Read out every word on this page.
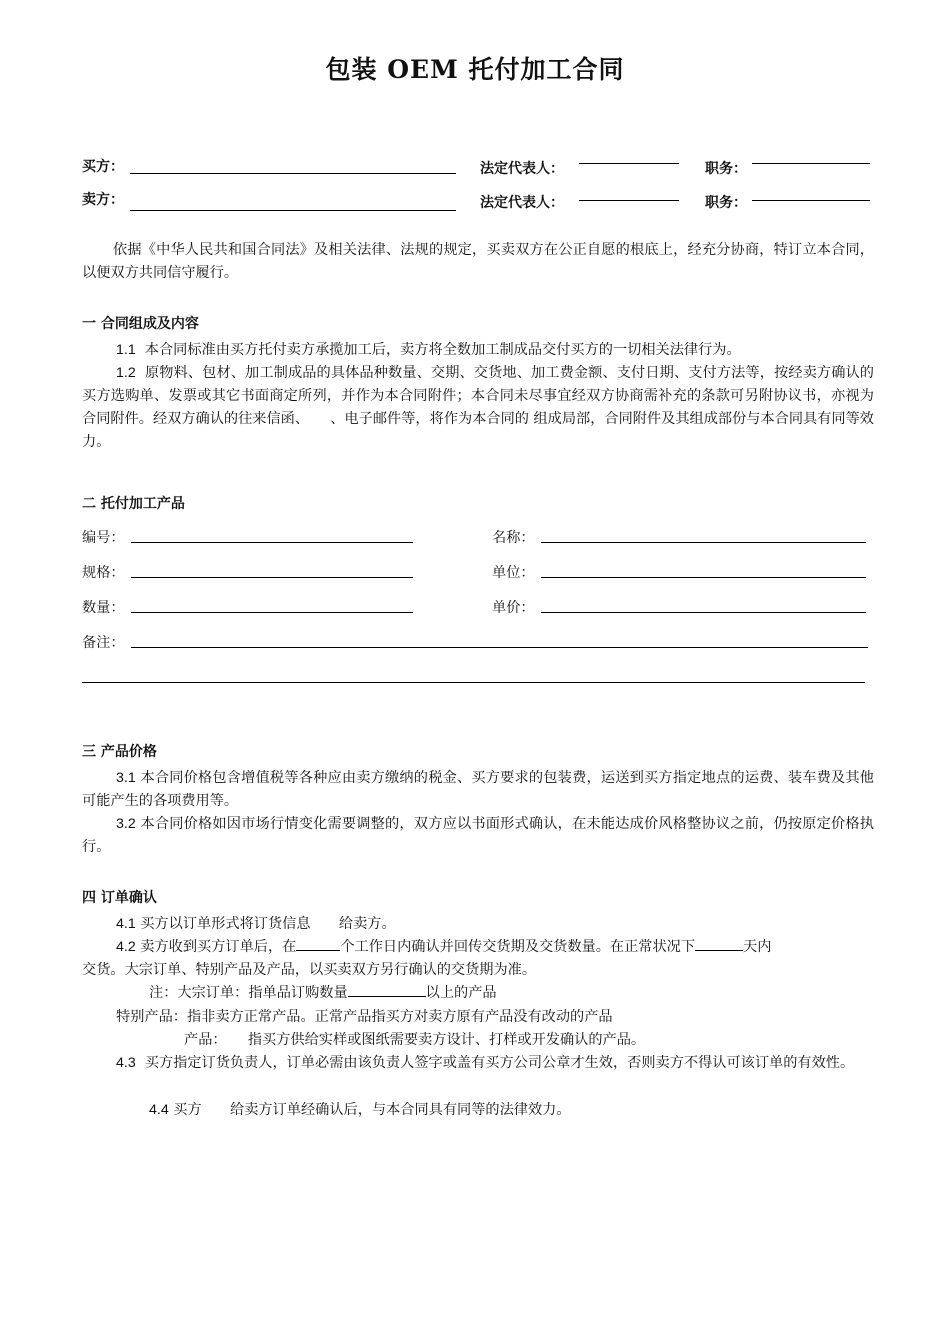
包装 OEM 托付加工合同
买方：	法定代表人：	职务：
卖方：	法定代表人：	职务：
依据《中华人民共和国合同法》及相关法律、法规的规定，买卖双方在公正自愿的根底上，经充分协商，特订立本合同，以便双方共同信守履行。
一 合同组成及内容
1.1 本合同标准由买方托付卖方承揽加工后，卖方将全数加工制成品交付买方的一切相关法律行为。
1.2 原物料、包材、加工制成品的具体品种数量、交期、交货地、加工费金额、支付日期、支付方法等，按经卖方确认的买方选购单、发票或其它书面商定所列，并作为本合同附件；本合同未尽事宜经双方协商需补充的条款可另附协议书，亦视为合同附件。经双方确认的往来信函、　　、电子邮件等，将作为本合同的 组成局部，合同附件及其组成部份与本合同具有同等效力。
二 托付加工产品
编号：	名称：
规格：	单位：
数量：	单价：
备注：
三 产品价格
3.1 本合同价格包含增值税等各种应由卖方缴纳的税金、买方要求的包装费，运送到买方指定地点的运费、装车费及其他可能产生的各项费用等。
3.2 本合同价格如因市场行情变化需要调整的，双方应以书面形式确认，在未能达成价风格整协议之前，仍按原定价格执行。
四 订单确认
4.1 买方以订单形式将订货信息　　给卖方。
4.2 卖方收到买方订单后，在	个工作日内确认并回传交货期及交货数量。在正常状况下	天内
交货。大宗订单、特别产品及产品，以买卖双方另行确认的交货期为准。
注：大宗订单：指单品订购数量	以上的产品
特别产品：指非卖方正常产品。正常产品指买方对卖方原有产品没有改动的产品
产品：　　指买方供给实样或图纸需要卖方设计、打样或开发确认的产品。
4.3 买方指定订货负责人，订单必需由该负责人签字或盖有买方公司公章才生效，否则卖方不得认可该订单的有效性。
4.4 买方　　给卖方订单经确认后，与本合同具有同等的法律效力。
